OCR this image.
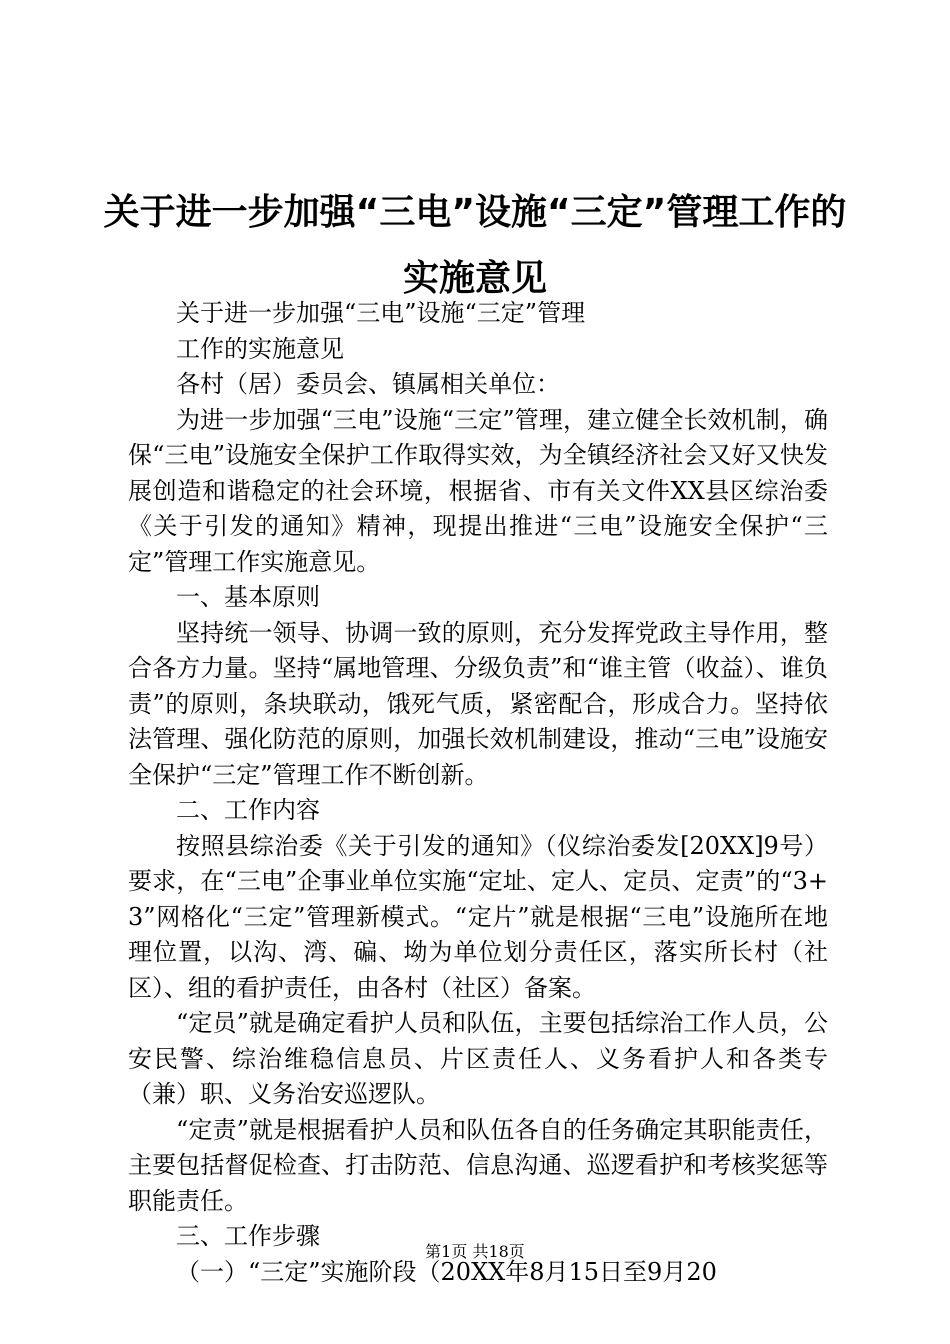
关于进一步加强“三电”设施“三定”管理工作的实施意见

关于进一步加强“三电”设施“三定”管理

工作的实施意见

各村（居）委员会、镇属相关单位：

为进一步加强“三电”设施“三定”管理，建立健全长效机制，确保“三电”设施安全保护工作取得实效，为全镇经济社会又好又快发展创造和谐稳定的社会环境，根据省、市有关文件XX县区综治委《关于引发的通知》精神，现提出推进“三电”设施安全保护“三定”管理工作实施意见。

一、基本原则

坚持统一领导、协调一致的原则，充分发挥党政主导作用，整合各方力量。坚持“属地管理、分级负责”和“谁主管（收益）、谁负责”的原则，条块联动，饿死气质，紧密配合，形成合力。坚持依法管理、强化防范的原则，加强长效机制建设，推动“三电”设施安全保护“三定”管理工作不断创新。

二、工作内容

按照县综治委《关于引发的通知》（仪综治委发[20XX]9号）要求，在“三电”企事业单位实施“定址、定人、定员、定责”的“3+3”网格化“三定”管理新模式。“定片”就是根据“三电”设施所在地理位置，以沟、湾、碥、坳为单位划分责任区，落实所长村（社区）、组的看护责任，由各村（社区）备案。

“定员”就是确定看护人员和队伍，主要包括综治工作人员，公安民警、综治维稳信息员、片区责任人、义务看护人和各类专（兼）职、义务治安巡逻队。

“定责”就是根据看护人员和队伍各自的任务确定其职能责任，主要包括督促检查、打击防范、信息沟通、巡逻看护和考核奖惩等职能责任。

三、工作步骤

（一）“三定”实施阶段（20XX年8月15日至9月20

第1页 共18页
